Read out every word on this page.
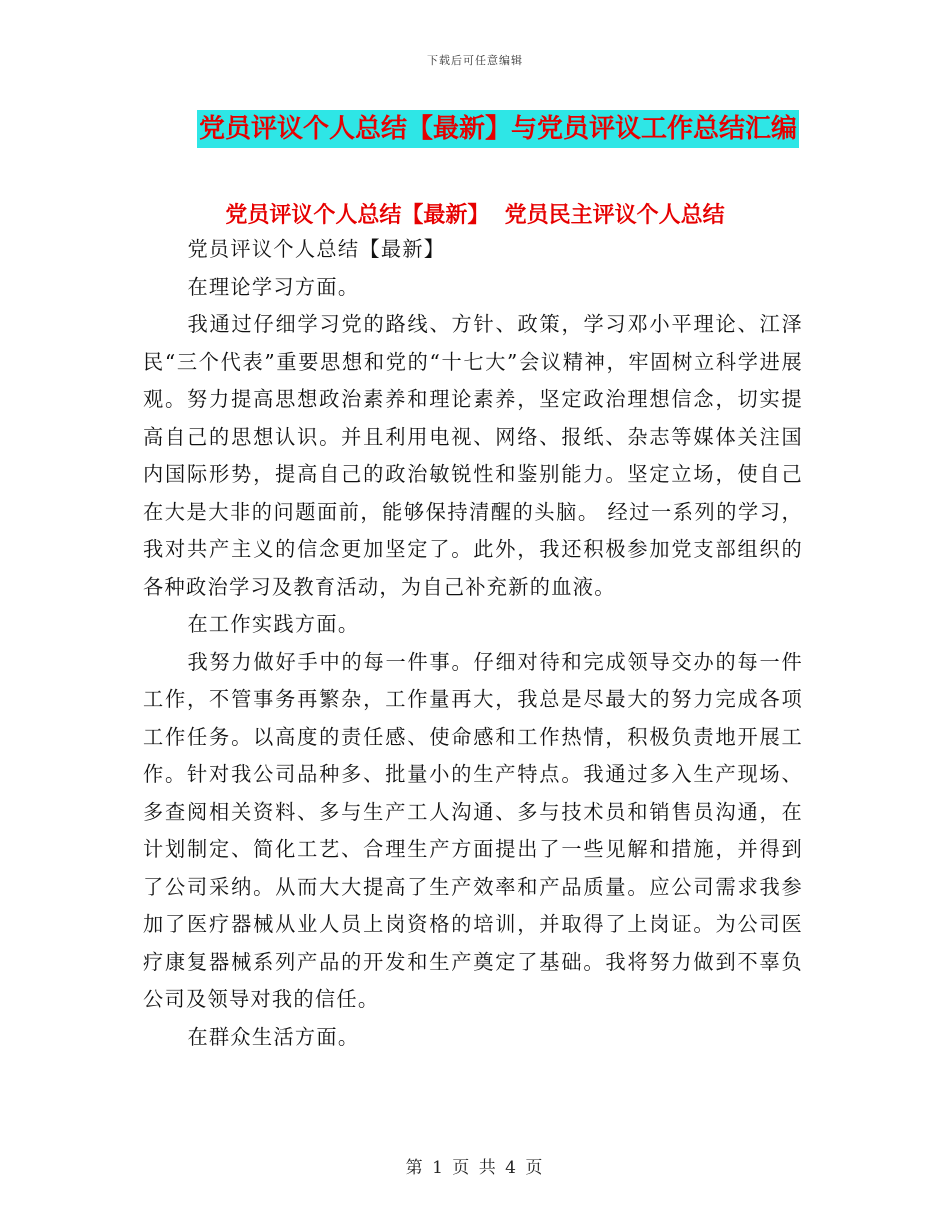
下载后可任意编辑
党员评议个人总结【最新】与党员评议工作总结汇编
党员评议个人总结【最新】  党员民主评议个人总结

党员评议个人总结【最新】

在理论学习方面。

我通过仔细学习党的路线、方针、政策，学习邓小平理论、江泽民“三个代表”重要思想和党的“十七大”会议精神，牢固树立科学进展观。努力提高思想政治素养和理论素养，坚定政治理想信念，切实提高自己的思想认识。并且利用电视、网络、报纸、杂志等媒体关注国内国际形势，提高自己的政治敏锐性和鉴别能力。坚定立场，使自己在大是大非的问题面前，能够保持清醒的头脑。 经过一系列的学习，我对共产主义的信念更加坚定了。此外，我还积极参加党支部组织的各种政治学习及教育活动，为自己补充新的血液。

在工作实践方面。

我努力做好手中的每一件事。仔细对待和完成领导交办的每一件工作，不管事务再繁杂，工作量再大，我总是尽最大的努力完成各项工作任务。以高度的责任感、使命感和工作热情，积极负责地开展工作。针对我公司品种多、批量小的生产特点。我通过多入生产现场、多查阅相关资料、多与生产工人沟通、多与技术员和销售员沟通，在计划制定、简化工艺、合理生产方面提出了一些见解和措施，并得到了公司采纳。从而大大提高了生产效率和产品质量。应公司需求我参加了医疗器械从业人员上岗资格的培训，并取得了上岗证。为公司医疗康复器械系列产品的开发和生产奠定了基础。我将努力做到不辜负公司及领导对我的信任。

在群众生活方面。

第 1 页 共 4 页
